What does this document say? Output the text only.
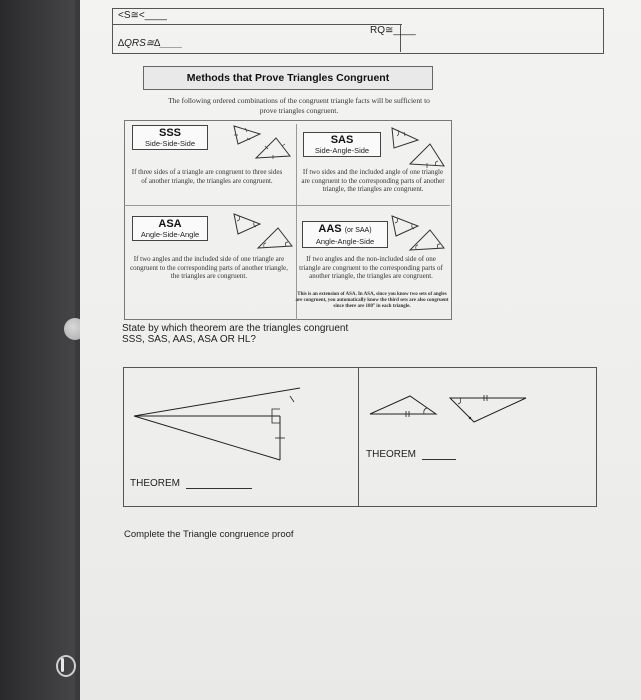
<S≅<____
∆QRS≅∆____
RQ≅____
Methods that Prove Triangles Congruent
The following ordered combinations of the congruent triangle facts will be sufficient to prove triangles congruent.
SSS
Side-Side-Side
If three sides of a triangle are congruent to three sides of another triangle, the triangles are congruent.
SAS
Side-Angle-Side
If two sides and the included angle of one triangle are congruent to the corresponding parts of another triangle, the triangles are congruent.
ASA
Angle-Side-Angle
If two angles and the included side of one triangle are congruent to the corresponding parts of another triangle, the triangles are congruent.
AAS (or SAA)
Angle-Angle-Side
If two angles and the non-included side of one triangle are congruent to the corresponding parts of another triangle, the triangles are congruent.
This is an extension of ASA. In ASA, since you know two sets of angles are congruent, you automatically know the third sets are also congruent since there are 180° in each triangle.
State by which theorem are the triangles congruent
SSS, SAS, AAS, ASA OR HL?
THEOREM
THEOREM
Complete the Triangle congruence proof
